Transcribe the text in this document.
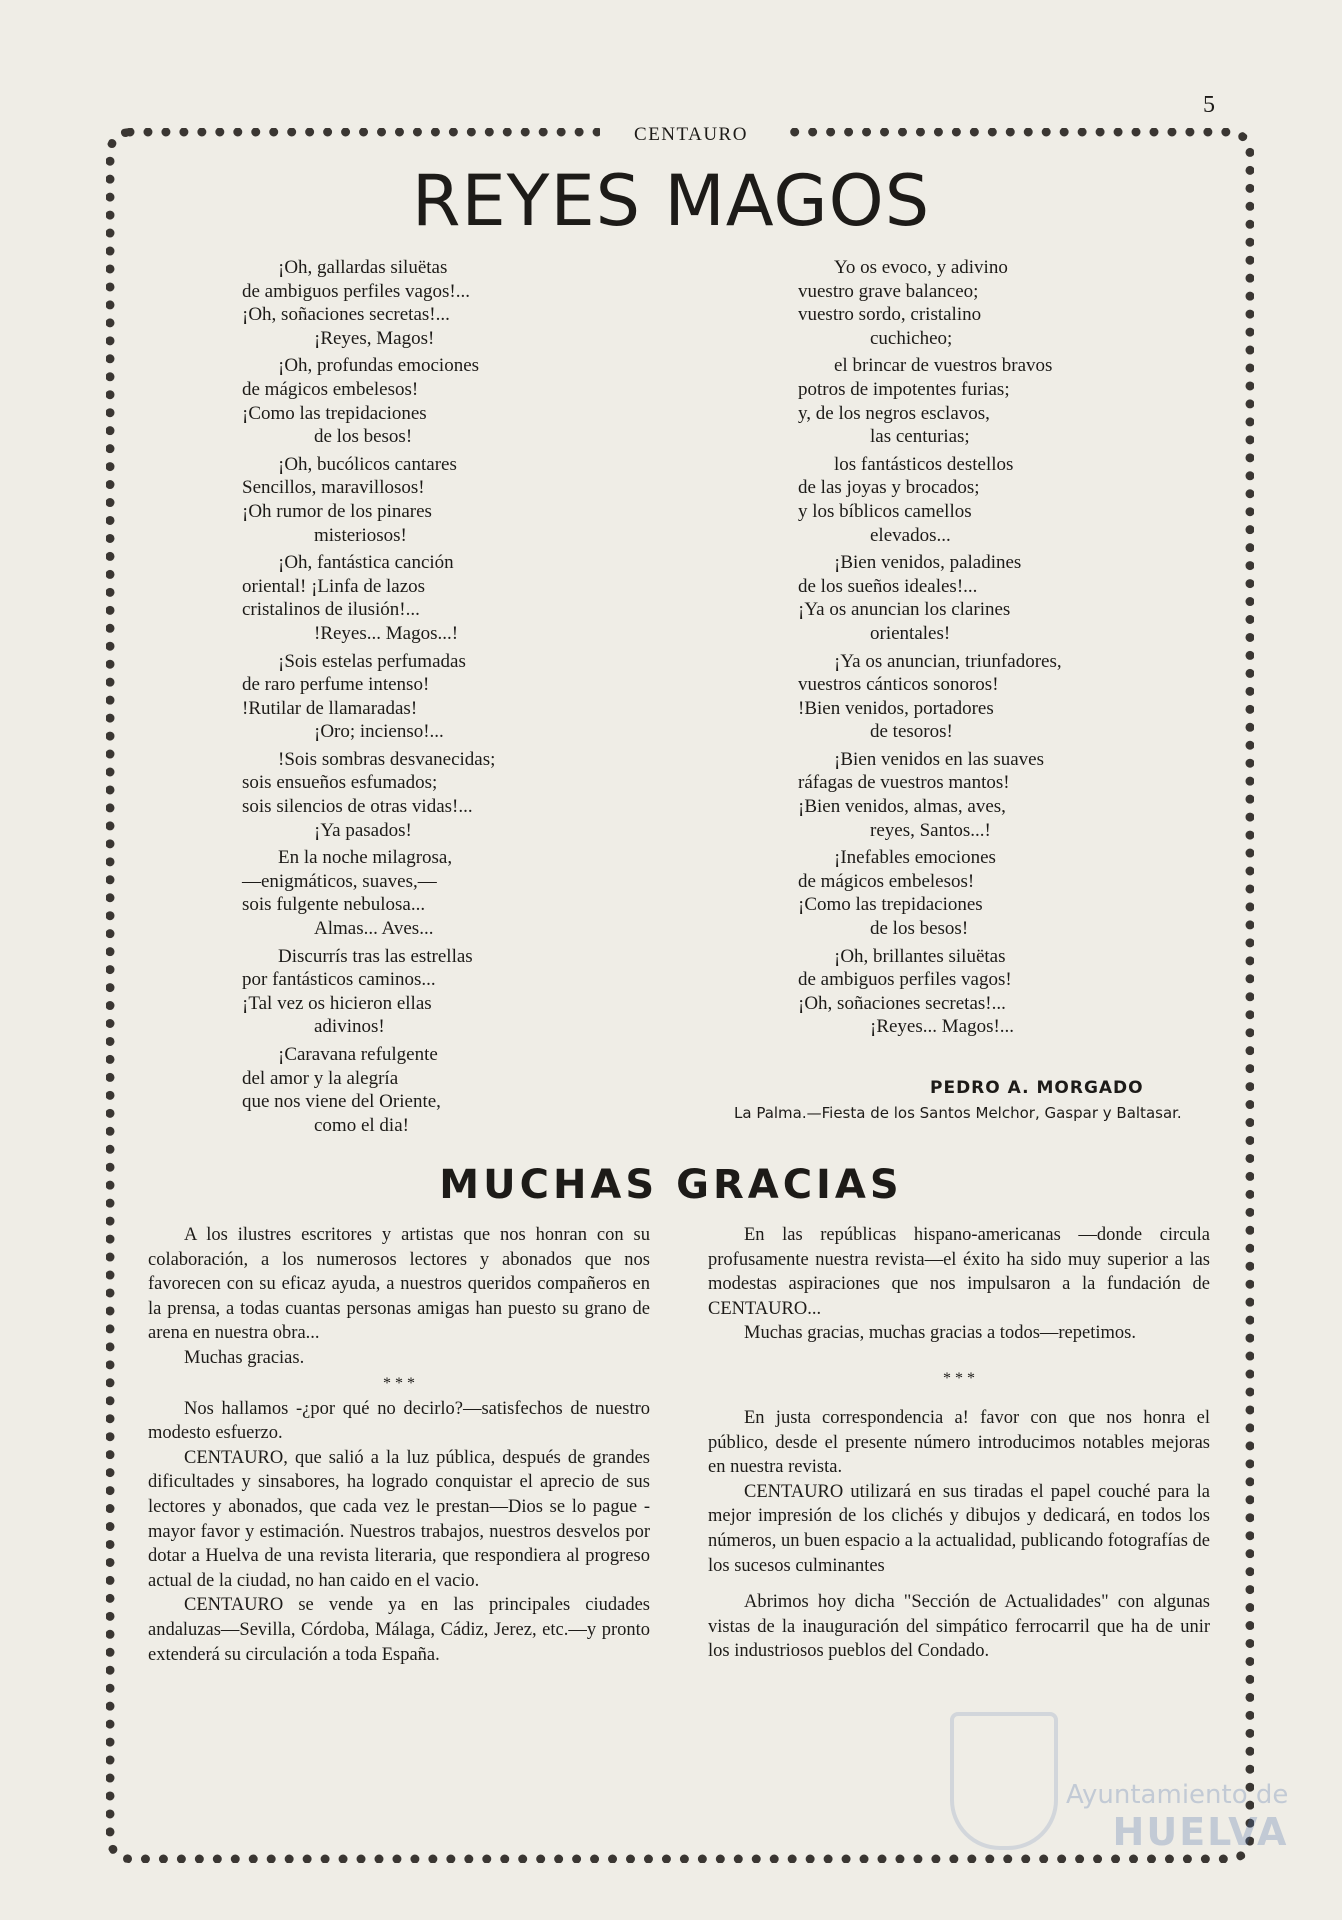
5
CENTAURO
REYES MAGOS
¡Oh, gallardas siluëtas
de ambiguos perfiles vagos!...
¡Oh, soñaciones secretas!...
¡Reyes, Magos!
¡Oh, profundas emociones
de mágicos embelesos!
¡Como las trepidaciones
de los besos!
¡Oh, bucólicos cantares
Sencillos, maravillosos!
¡Oh rumor de los pinares
misteriosos!
¡Oh, fantástica canción
oriental! ¡Linfa de lazos
cristalinos de ilusión!...
!Reyes... Magos...!
¡Sois estelas perfumadas
de raro perfume intenso!
!Rutilar de llamaradas!
¡Oro; incienso!...
!Sois sombras desvanecidas;
sois ensueños esfumados;
sois silencios de otras vidas!...
¡Ya pasados!
En la noche milagrosa,
—enigmáticos, suaves,—
sois fulgente nebulosa...
Almas... Aves...
Discurrís tras las estrellas
por fantásticos caminos...
¡Tal vez os hicieron ellas
adivinos!
¡Caravana refulgente
del amor y la alegría
que nos viene del Oriente,
como el dia!
Yo os evoco, y adivino
vuestro grave balanceo;
vuestro sordo, cristalino
cuchicheo;
el brincar de vuestros bravos
potros de impotentes furias;
y, de los negros esclavos,
las centurias;
los fantásticos destellos
de las joyas y brocados;
y los bíblicos camellos
elevados...
¡Bien venidos, paladines
de los sueños ideales!...
¡Ya os anuncian los clarines
orientales!
¡Ya os anuncian, triunfadores,
vuestros cánticos sonoros!
!Bien venidos, portadores
de tesoros!
¡Bien venidos en las suaves
ráfagas de vuestros mantos!
¡Bien venidos, almas, aves,
reyes, Santos...!
¡Inefables emociones
de mágicos embelesos!
¡Como las trepidaciones
de los besos!
¡Oh, brillantes siluëtas
de ambiguos perfiles vagos!
¡Oh, soñaciones secretas!...
¡Reyes... Magos!...
PEDRO A. MORGADO
La Palma.—Fiesta de los Santos Melchor, Gaspar y Baltasar.
MUCHAS GRACIAS

A los ilustres escritores y artistas que nos honran con su colaboración, a los numerosos lectores y abonados que nos favorecen con su eficaz ayuda, a nuestros queridos compañeros en la prensa, a todas cuantas personas amigas han puesto su grano de arena en nuestra obra...

Muchas gracias.

* * *

Nos hallamos -¿por qué no decirlo?—satisfechos de nuestro modesto esfuerzo.

CENTAURO, que salió a la luz pública, después de grandes dificultades y sinsabores, ha logrado conquistar el aprecio de sus lectores y abonados, que cada vez le prestan—Dios se lo pague - mayor favor y estimación. Nuestros trabajos, nuestros desvelos por dotar a Huelva de una revista literaria, que respondiera al progreso actual de la ciudad, no han caido en el vacio.

CENTAURO se vende ya en las principales ciudades andaluzas—Sevilla, Córdoba, Málaga, Cádiz, Jerez, etc.—y pronto extenderá su circulación a toda España.

En las repúblicas hispano-americanas —donde circula profusamente nuestra revista—el éxito ha sido muy superior a las modestas aspiraciones que nos impulsaron a la fundación de CENTAURO...

Muchas gracias, muchas gracias a todos—repetimos.

* * *

En justa correspondencia a! favor con que nos honra el público, desde el presente número introducimos notables mejoras en nuestra revista.

CENTAURO utilizará en sus tiradas el papel couché para la mejor impresión de los clichés y dibujos y dedicará, en todos los números, un buen espacio a la actualidad, publicando fotografías de los sucesos culminantes

Abrimos hoy dicha "Sección de Actualidades" con algunas vistas de la inauguración del simpático ferrocarril que ha de unir los industriosos pueblos del Condado.

Ayuntamiento de
HUELVA
